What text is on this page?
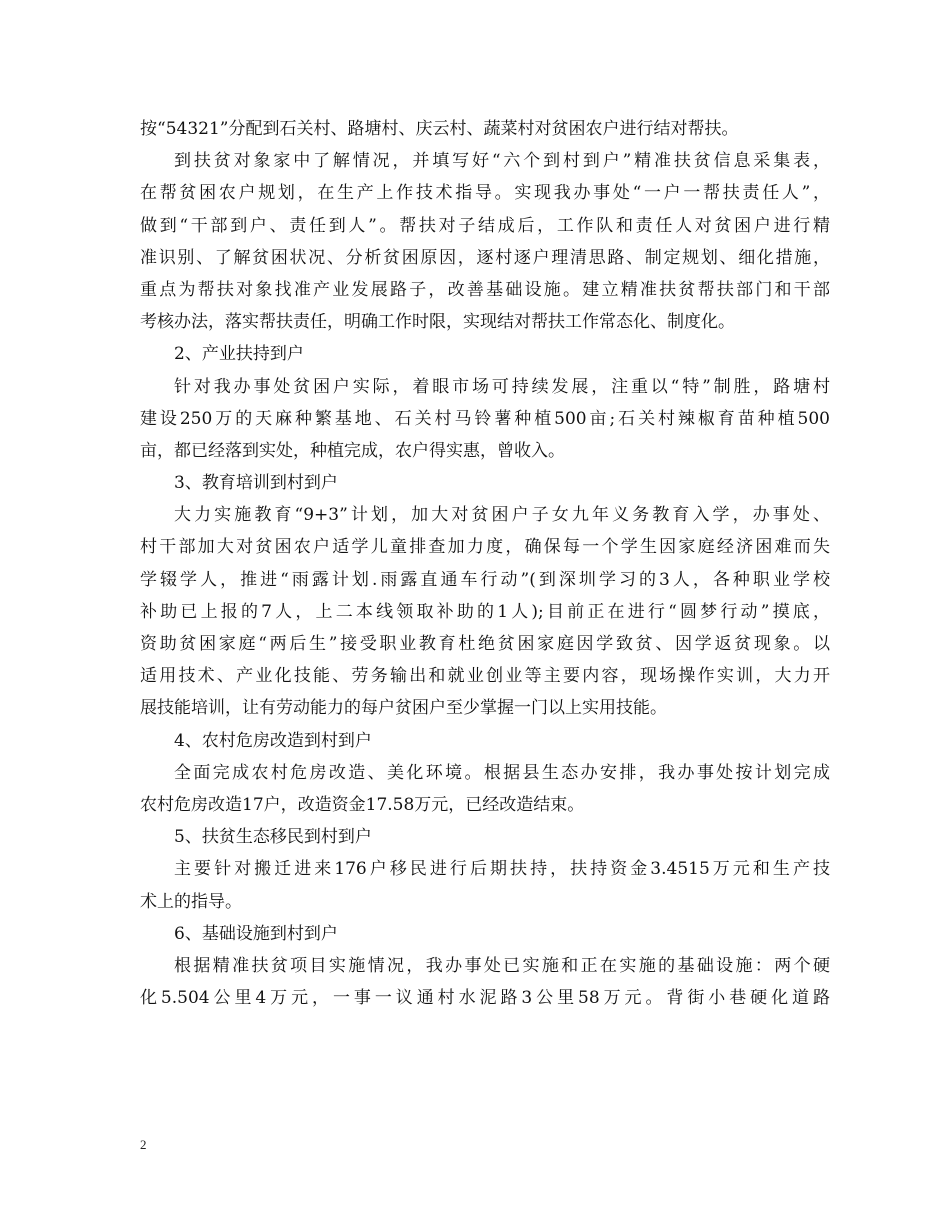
按“54321”分配到石关村、路塘村、庆云村、蔬菜村对贫困农户进行结对帮扶。
到扶贫对象家中了解情况，并填写好“六个到村到户”精准扶贫信息采集表，
在帮贫困农户规划，在生产上作技术指导。实现我办事处“一户一帮扶责任人”，
做到“干部到户、责任到人”。帮扶对子结成后，工作队和责任人对贫困户进行精
准识别、了解贫困状况、分析贫困原因，逐村逐户理清思路、制定规划、细化措施，
重点为帮扶对象找准产业发展路子，改善基础设施。建立精准扶贫帮扶部门和干部
考核办法，落实帮扶责任，明确工作时限，实现结对帮扶工作常态化、制度化。
2、产业扶持到户
针对我办事处贫困户实际，着眼市场可持续发展，注重以“特”制胜，路塘村
建设250万的天麻种繁基地、石关村马铃薯种植500亩;石关村辣椒育苗种植500
亩，都已经落到实处，种植完成，农户得实惠，曾收入。
3、教育培训到村到户
大力实施教育“9+3”计划，加大对贫困户子女九年义务教育入学，办事处、
村干部加大对贫困农户适学儿童排查加力度，确保每一个学生因家庭经济困难而失
学辍学人，推进“雨露计划.雨露直通车行动”(到深圳学习的3人，各种职业学校
补助已上报的7人，上二本线领取补助的1人);目前正在进行“圆梦行动”摸底，
资助贫困家庭“两后生”接受职业教育杜绝贫困家庭因学致贫、因学返贫现象。以
适用技术、产业化技能、劳务输出和就业创业等主要内容，现场操作实训，大力开
展技能培训，让有劳动能力的每户贫困户至少掌握一门以上实用技能。
4、农村危房改造到村到户
全面完成农村危房改造、美化环境。根据县生态办安排，我办事处按计划完成
农村危房改造17户，改造资金17.58万元，已经改造结束。
5、扶贫生态移民到村到户
主要针对搬迁进来176户移民进行后期扶持，扶持资金3.4515万元和生产技
术上的指导。
6、基础设施到村到户
根据精准扶贫项目实施情况，我办事处已实施和正在实施的基础设施：两个硬
化5.504公里4万元，一事一议通村水泥路3公里58万元。背街小巷硬化道路
2
